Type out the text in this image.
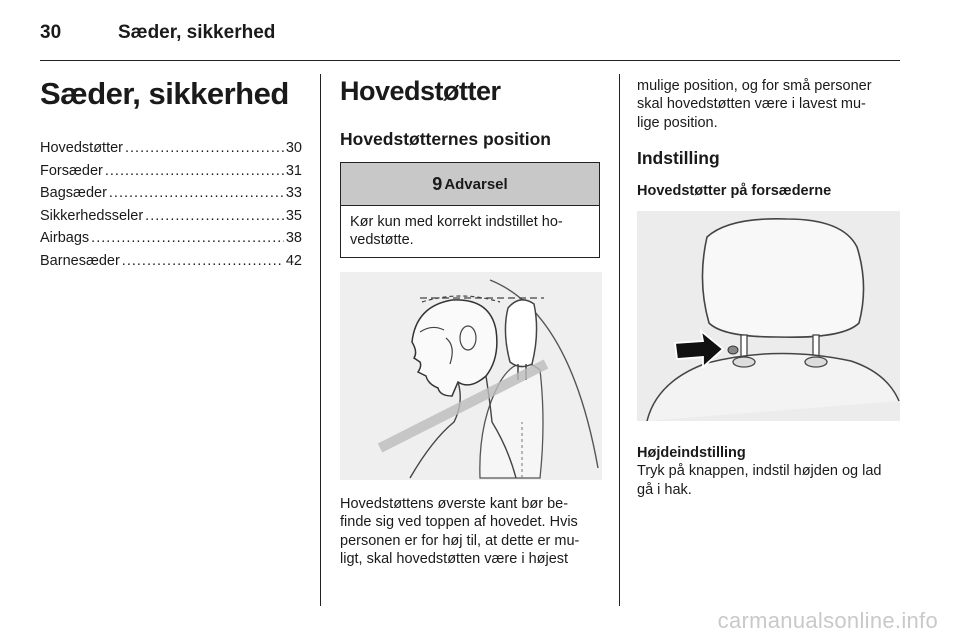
30	Sæder, sikkerhed
Sæder, sikkerhed
Hovedstøtter .....	30
Forsæder .....	31
Bagsæder .....	33
Sikkerhedsseler .....	35
Airbags .....	38
Barnesæder .....	42
Hovedstøtter
Hovedstøtternes position
9 Advarsel
Kør kun med korrekt indstillet ho-vedstøtte.

Hovedstøttens øverste kant bør be-

finde sig ved toppen af hovedet. Hvis

personen er for høj til, at dette er mu-

ligt, skal hovedstøtten være i højest

mulige position, og for små personer

skal hovedstøtten være i lavest mu-

lige position.

Indstilling
Hovedstøtter på forsæderne
Højdeindstilling

Tryk på knappen, indstil højden og lad gå i hak.

carmanualsonline.info
